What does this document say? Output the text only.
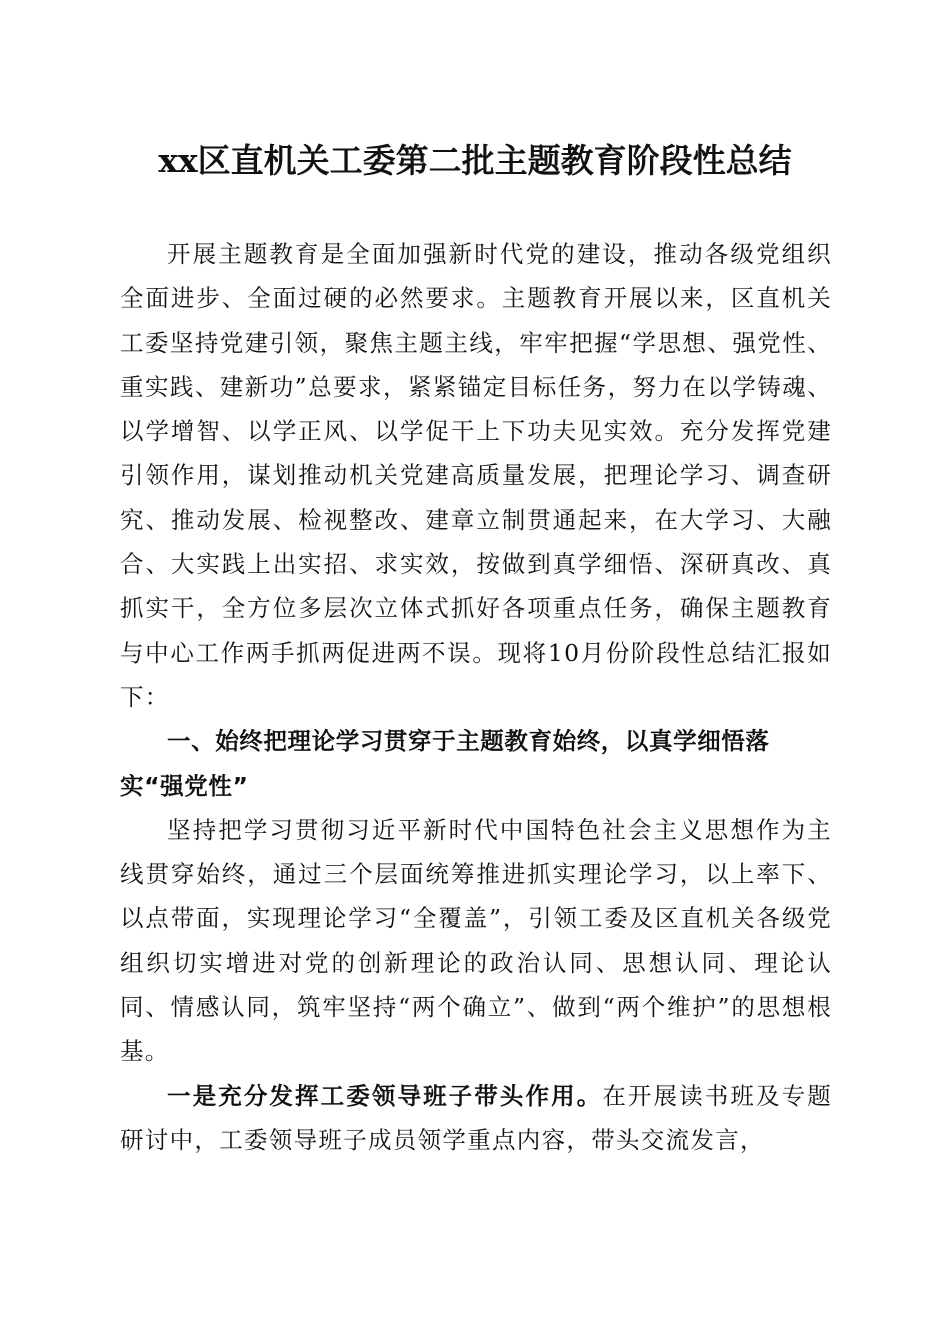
xx区直机关工委第二批主题教育阶段性总结

开展主题教育是全面加强新时代党的建设，推动各级党组织全面进步、全面过硬的必然要求。主题教育开展以来，区直机关工委坚持党建引领，聚焦主题主线，牢牢把握“学思想、强党性、重实践、建新功”总要求，紧紧锚定目标任务，努力在以学铸魂、以学增智、以学正风、以学促干上下功夫见实效。充分发挥党建引领作用，谋划推动机关党建高质量发展，把理论学习、调查研究、推动发展、检视整改、建章立制贯通起来，在大学习、大融合、大实践上出实招、求实效，按做到真学细悟、深研真改、真抓实干，全方位多层次立体式抓好各项重点任务，确保主题教育与中心工作两手抓两促进两不误。现将10月份阶段性总结汇报如下：

一、始终把理论学习贯穿于主题教育始终，以真学细悟落实“强党性”

坚持把学习贯彻习近平新时代中国特色社会主义思想作为主线贯穿始终，通过三个层面统筹推进抓实理论学习，以上率下、以点带面，实现理论学习“全覆盖”，引领工委及区直机关各级党组织切实增进对党的创新理论的政治认同、思想认同、理论认同、情感认同，筑牢坚持“两个确立”、做到“两个维护”的思想根基。

一是充分发挥工委领导班子带头作用。在开展读书班及专题研讨中，工委领导班子成员领学重点内容，带头交流发言，
